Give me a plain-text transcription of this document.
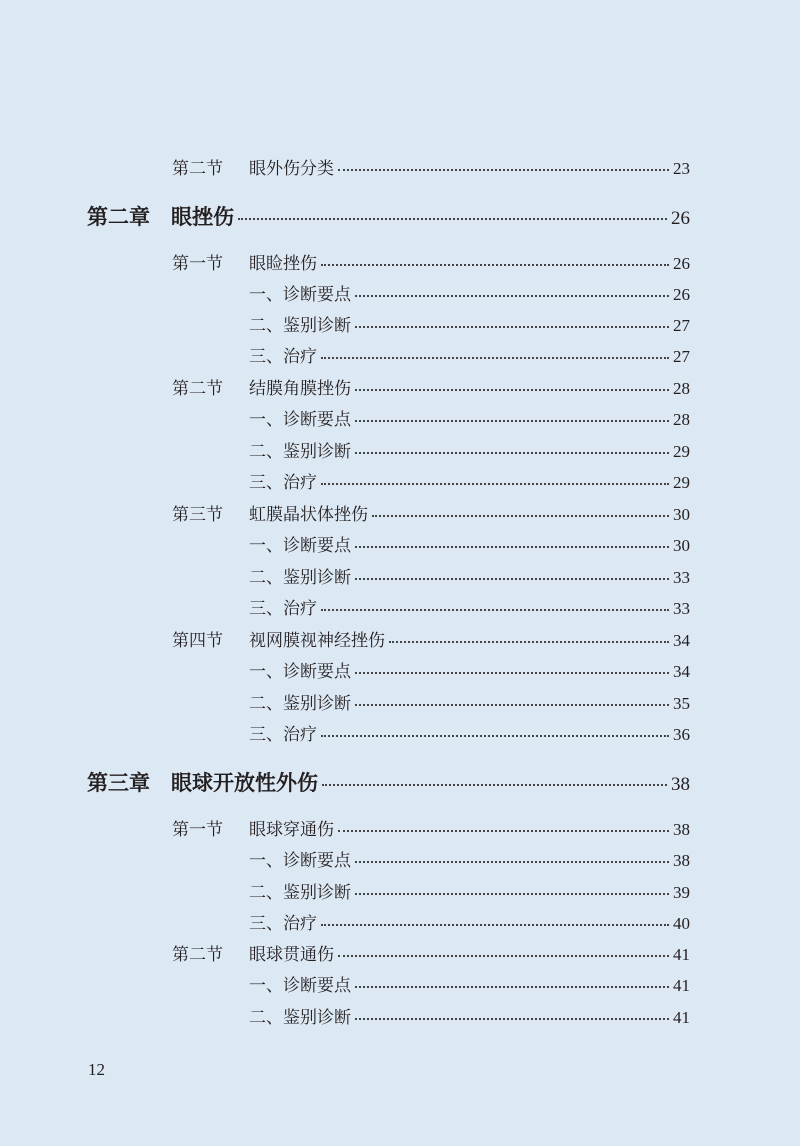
第二节 眼外伤分类	23
第二章 眼挫伤	26
第一节 眼睑挫伤	26
一、诊断要点	26
二、鉴别诊断	27
三、治疗	27
第二节 结膜角膜挫伤	28
一、诊断要点	28
二、鉴别诊断	29
三、治疗	29
第三节 虹膜晶状体挫伤	30
一、诊断要点	30
二、鉴别诊断	33
三、治疗	33
第四节 视网膜视神经挫伤	34
一、诊断要点	34
二、鉴别诊断	35
三、治疗	36
第三章 眼球开放性外伤	38
第一节 眼球穿通伤	38
一、诊断要点	38
二、鉴别诊断	39
三、治疗	40
第二节 眼球贯通伤	41
一、诊断要点	41
二、鉴别诊断	41
12
